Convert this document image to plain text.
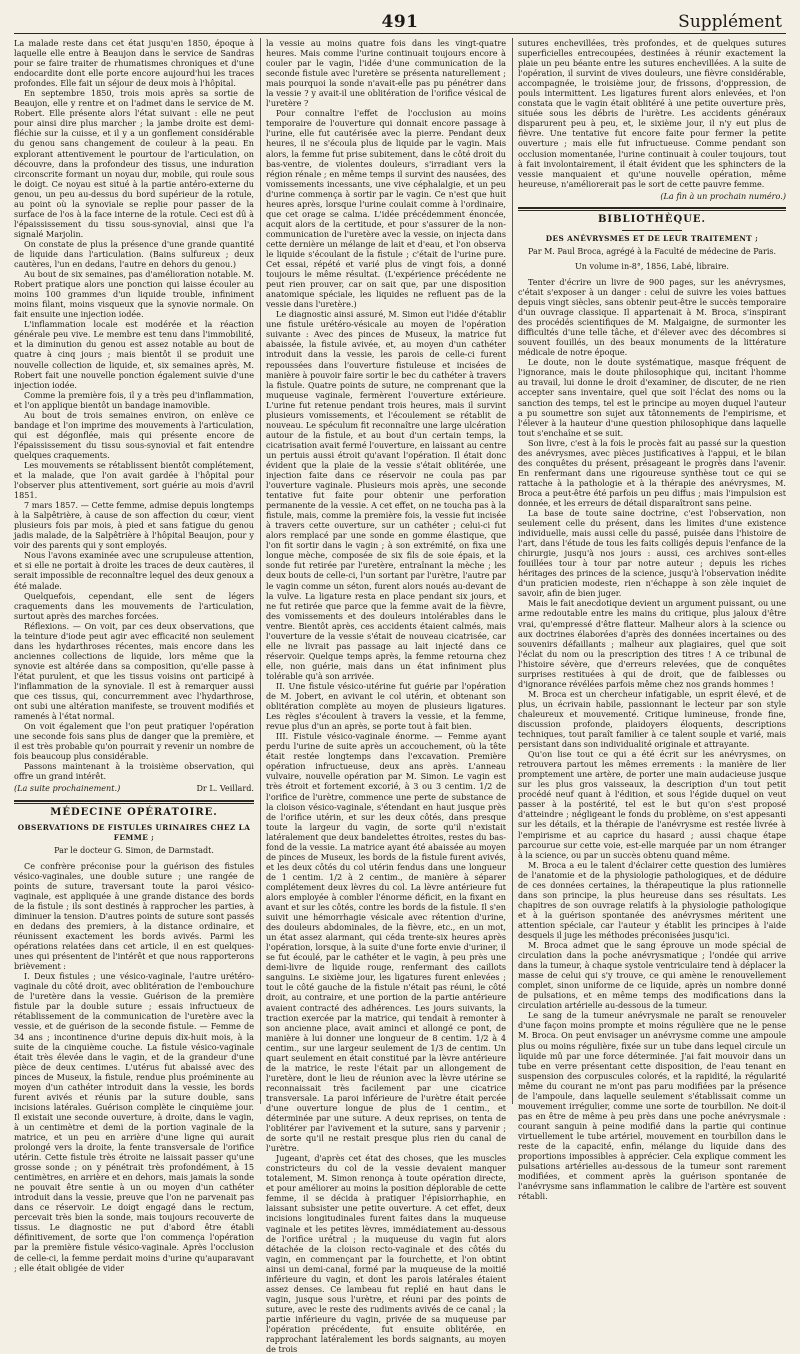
491	Supplément

La malade reste dans cet état jusqu'en 1850, époque à laquelle elle entre à Beaujon dans le service de Sandras pour se faire traiter de rhumatismes chroniques et d'une endocardite dont elle porte encore aujourd'hui les traces profondes. Elle fait un séjour de deux mois à l'hôpital.

En septembre 1850, trois mois après sa sortie de Beaujon, elle y rentre et on l'admet dans le service de M. Robert. Elle présente alors l'état suivant : elle ne peut pour ainsi dire plus marcher ; la jambe droite est demi-fléchie sur la cuisse, et il y a un gonflement considérable du genou sans changement de couleur à la peau. En explorant attentivement le pourtour de l'articulation, on découvre, dans la profondeur des tissus, une induration circonscrite formant un noyau dur, mobile, qui roule sous le doigt. Ce noyau est situé à la partie antéro-externe du genou, un peu au-dessus du bord supérieur de la rotule, au point où la synoviale se replie pour passer de la surface de l'os à la face interne de la rotule. Ceci est dû à l'épaississement du tissu sous-synovial, ainsi que l'a signalé Marjolin.

On constate de plus la présence d'une grande quantité de liquide dans l'articulation. (Bains sulfureux ; deux cautères, l'un en dedans, l'autre en dehors du genou.)

Au bout de six semaines, pas d'amélioration notable. M. Robert pratique alors une ponction qui laisse écouler au moins 100 grammes d'un liquide trouble, infiniment moins filant, moins visqueux que la synovie normale. On fait ensuite une injection iodée.

L'inflammation locale est modérée et la réaction générale peu vive. Le membre est tenu dans l'immobilité, et la diminution du genou est assez notable au bout de quatre à cinq jours ; mais bientôt il se produit une nouvelle collection de liquide, et, six semaines après, M. Robert fait une nouvelle ponction également suivie d'une injection iodée.

Comme la première fois, il y a très peu d'inflammation, et l'on applique bientôt un bandage inamovible.

Au bout de trois semaines environ, on enlève ce bandage et l'on imprime des mouvements à l'articulation, qui est dégonflée, mais qui présente encore de l'épaississement du tissu sous-synovial et fait entendre quelques craquements.

Les mouvements se rétablissent bientôt complétement, et la malade, que l'on avait gardée à l'hôpital pour l'observer plus attentivement, sort guérie au mois d'avril 1851.

7 mars 1857. — Cette femme, admise depuis longtemps à la Salpêtrière, à cause de son affection du cœur, vient plusieurs fois par mois, à pied et sans fatigue du genou jadis malade, de la Salpêtrière à l'hôpital Beaujon, pour y voir des parents qui y sont employés.

Nous l'avons examinée avec une scrupuleuse attention, et si elle ne portait à droite les traces de deux cautères, il serait impossible de reconnaître lequel des deux genoux a été malade.

Quelquefois, cependant, elle sent de légers craquements dans les mouvements de l'articulation, surtout après des marches forcées.

Réflexions. — On voit, par ces deux observations, que la teinture d'iode peut agir avec efficacité non seulement dans les hydarthroses récentes, mais encore dans les anciennes collections de liquide, lors même que la synovie est altérée dans sa composition, qu'elle passe à l'état purulent, et que les tissus voisins ont participé à l'inflammation de la synoviale. Il est à remarquer aussi que ces tissus, qui, concurremment avec l'hydarthrose, ont subi une altération manifeste, se trouvent modifiés et ramenés à l'état normal.

On voit également que l'on peut pratiquer l'opération une seconde fois sans plus de danger que la première, et il est très probable qu'on pourrait y revenir un nombre de fois beaucoup plus considérable.

Passons maintenant à la troisième observation, qui offre un grand intérêt.

(La suite prochainement.)	Dr L. Veillard.
MÉDECINE OPÉRATOIRE.
OBSERVATIONS DE FISTULES URINAIRES CHEZ LA FEMME ;
Par le docteur G. Simon, de Darmstadt.

Ce confrère préconise pour la guérison des fistules vésico-vaginales, une double suture ; une rangée de points de suture, traversant toute la paroi vésico-vaginale, est appliquée à une grande distance des bords de la fistule ; ils sont destinés à rapprocher les parties, à diminuer la tension. D'autres points de suture sont passés en dedans des premiers, à la distance ordinaire, et réunissent exactement les bords avivés. Parmi les opérations relatées dans cet article, il en est quelques-unes qui présentent de l'intérêt et que nous rapporterons brièvement :

I. Deux fistules ; une vésico-vaginale, l'autre urétéro-vaginale du côté droit, avec oblitération de l'embouchure de l'uretère dans la vessie. Guérison de la première fistule par la double suture ; essais infructueux de rétablissement de la communication de l'uretère avec la vessie, et de guérison de la seconde fistule. — Femme de 34 ans ; incontinence d'urine depuis dix-huit mois, à la suite de la cinquième couche. La fistule vésico-vaginale était très élevée dans le vagin, et de la grandeur d'une pièce de deux centimes. L'utérus fut abaissé avec des pinces de Museux, la fistule, rendue plus proéminente au moyen d'un cathéter introduit dans la vessie, les bords furent avivés et réunis par la suture double, sans incisions latérales. Guérison complète le cinquième jour. Il existait une seconde ouverture, à droite, dans le vagin, à un centimètre et demi de la portion vaginale de la matrice, et un peu en arrière d'une ligne qui aurait prolongé vers la droite, la fente transversale de l'orifice utérin. Cette fistule très étroite ne laissait passer qu'une grosse sonde ; on y pénétrait très profondément, à 15 centimètres, en arrière et en dehors, mais jamais la sonde ne pouvait être sentie à un ou moyen d'un cathéter introduit dans la vessie, preuve que l'on ne parvenait pas dans ce réservoir. Le doigt engagé dans le rectum, percevait très bien la sonde, mais toujours recouverte de tissus. Le diagnostic ne put d'abord être établi définitivement, de sorte que l'on commença l'opération par la première fistule vésico-vaginale. Après l'occlusion de celle-ci, la femme perdait moins d'urine qu'auparavant ; elle était obligée de vider

la vessie au moins quatre fois dans les vingt-quatre heures. Mais comme l'urine continuait toujours encore à couler par le vagin, l'idée d'une communication de la seconde fistule avec l'uretère se présenta naturellement ; mais pourquoi la sonde n'avait-elle pas pu pénétrer dans la vessie ? y avait-il une oblitération de l'orifice vésical de l'uretère ?

Pour connaître l'effet de l'occlusion au moins temporaire de l'ouverture qui donnait encore passage à l'urine, elle fut cautérisée avec la pierre. Pendant deux heures, il ne s'écoula plus de liquide par le vagin. Mais alors, la femme fut prise subitement, dans le côté droit du bas-ventre, de violentes douleurs, s'irradiant vers la région rénale ; en même temps il survint des nausées, des vomissements incessants, une vive céphalalgie, et un peu d'urine commença à sortir par le vagin. Ce n'est que huit heures après, lorsque l'urine coulait comme à l'ordinaire, que cet orage se calma. L'idée précédemment énoncée, acquit alors de la certitude, et pour s'assurer de la non-communication de l'uretère avec la vessie, on injecta dans cette dernière un mélange de lait et d'eau, et l'on observa le liquide s'écoulant de la fistule ; c'était de l'urine pure. Cet essai, répété et varié plus de vingt fois, a donné toujours le même résultat. (L'expérience précédente ne peut rien prouver, car on sait que, par une disposition anatomique spéciale, les liquides ne refluent pas de la vessie dans l'uretère.)

Le diagnostic ainsi assuré, M. Simon eut l'idée d'établir une fistule urétéro-vésicale au moyen de l'opération suivante : Avec des pinces de Museux, la matrice fut abaissée, la fistule avivée, et, au moyen d'un cathéter introduit dans la vessie, les parois de celle-ci furent repoussées dans l'ouverture fistuleuse et incisées de manière à pouvoir faire sortir le bec du cathéter à travers la fistule. Quatre points de suture, ne comprenant que la muqueuse vaginale, fermèrent l'ouverture extérieure. L'urine fut retenue pendant trois heures, mais il survint plusieurs vomissements, et l'écoulement se rétablit de nouveau. Le spéculum fit reconnaître une large ulcération autour de la fistule, et au bout d'un certain temps, la cicatrisation avait fermé l'ouverture, en laissant au centre un pertuis aussi étroit qu'avant l'opération. Il était donc évident que la plaie de la vessie s'était oblitérée, une injection faite dans ce réservoir ne coula pas par l'ouverture vaginale. Plusieurs mois après, une seconde tentative fut faite pour obtenir une perforation permanente de la vessie. A cet effet, on ne toucha pas à la fistule, mais, comme la première fois, la vessie fut incisée à travers cette ouverture, sur un cathéter ; celui-ci fut alors remplacé par une sonde en gomme élastique, que l'on fit sortir dans le vagin ; à son extrémité, on fixa une longue mèche, composée de six fils de soie épais, et la sonde fut retirée par l'uretère, entraînant la mèche ; les deux bouts de celle-ci, l'un sortant par l'urètre, l'autre par le vagin comme un séton, furent alors noués au-devant de la vulve. La ligature resta en place pendant six jours, et ne fut retirée que parce que la femme avait de la fièvre, des vomissements et des douleurs intolérables dans le ventre. Bientôt après, ces accidents étaient calmés, mais l'ouverture de la vessie s'était de nouveau cicatrisée, car elle ne livrait pas passage au lait injecté dans ce réservoir. Quelque temps après, la femme retourna chez elle, non guérie, mais dans un état infiniment plus tolérable qu'à son arrivée.

II. Une fistule vésico-utérine fut guérie par l'opération de M. Jobert, en avivant le col utérin, et obtenant son oblitération complète au moyen de plusieurs ligatures. Les règles s'écoulent à travers la vessie, et la femme, revue plus d'un an après, se porte tout à fait bien.

III. Fistule vésico-vaginale énorme. — Femme ayant perdu l'urine de suite après un accouchement, où la tête était restée longtemps dans l'excavation. Première opération infructueuse, deux ans après. L'anneau vulvaire, nouvelle opération par M. Simon. Le vagin est très étroit et fortement excorié, à 3 ou 3 centim. 1/2 de l'orifice de l'urètre, commence une perte de substance de la cloison vésico-vaginale, s'étendant en haut jusque près de l'orifice utérin, et sur les deux côtés, dans presque toute la largeur du vagin, de sorte qu'il n'existait latéralement que deux bandelettes étroites, restes du bas-fond de la vessie. La matrice ayant été abaissée au moyen de pinces de Museux, les bords de la fistule furent avivés, et les deux côtés du col utérin fendus dans une longueur de 1 centim. 1/2 à 2 centim., de manière à séparer complétement deux lèvres du col. La lèvre antérieure fut alors employée à combler l'énorme déficit, en la fixant en avant et sur les côtés, contre les bords de la fistule. Il s'en suivit une hémorrhagie vésicale avec rétention d'urine, des douleurs abdominales, de la fièvre, etc., en un mot, un état assez alarmant, qui céda trente-six heures après l'opération, lorsque, à la suite d'une forte envie d'uriner, il se fut écoulé, par le cathéter et le vagin, à peu près une demi-livre de liquide rouge, renfermant des caillots sanguins. Le sixième jour, les ligatures furent enlevées ; tout le côté gauche de la fistule n'était pas réuni, le côté droit, au contraire, et une portion de la partie antérieure avaient contracté des adhérences. Les jours suivants, la traction exercée par la matrice, qui tendait à remonter à son ancienne place, avait aminci et allongé ce pont, de manière à lui donner une longueur de 8 centim. 1/2 à 4 centim., sur une largeur seulement de 1/3 de centim. Un quart seulement en était constitué par la lèvre antérieure de la matrice, le reste l'était par un allongement de l'uretère, dont le lieu de réunion avec la lèvre utérine se reconnaissait très facilement par une cicatrice transversale. La paroi inférieure de l'urètre était percée d'une ouverture longue de plus de 1 centim., et déterminée par une suture. A deux reprises, on tenta de l'oblitérer par l'avivement et la suture, sans y parvenir ; de sorte qu'il ne restait presque plus rien du canal de l'urètre.

Jugeant, d'après cet état des choses, que les muscles constricteurs du col de la vessie devaient manquer totalement, M. Simon renonça à toute opération directe, et pour améliorer au moins la position déplorable de cette femme, il se décida à pratiquer l'épisiorrhaphie, en laissant subsister une petite ouverture. A cet effet, deux incisions longitudinales furent faites dans la muqueuse vaginale et les petites lèvres, immédiatement au-dessous de l'orifice urétral ; la muqueuse du vagin fut alors détachée de la cloison recto-vaginale et des côtés du vagin, en commençant par la fourchette, et l'on obtint ainsi un demi-canal, formé par la muqueuse de la moitié inférieure du vagin, et dont les parois latérales étaient assez denses. Ce lambeau fut replié en haut dans le vagin, jusque sous l'urètre, et réuni par des points de suture, avec le reste des rudiments avivés de ce canal ; la partie inférieure du vagin, privée de sa muqueuse par l'opération précédente, fut ensuite oblitérée, en rapprochant latéralement les bords saignants, au moyen de trois

sutures enchevillées, très profondes, et de quelques sutures superficielles entrecoupées, destinées à réunir exactement la plaie un peu béante entre les sutures enchevillées. A la suite de l'opération, il survint de vives douleurs, une fièvre considérable, accompagnée, le troisième jour, de frissons, d'oppression, de pouls intermittent. Les ligatures furent alors enlevées, et l'on constata que le vagin était oblitéré à une petite ouverture près, située sous les débris de l'urètre. Les accidents généraux disparurent peu à peu, et, le sixième jour, il n'y eut plus de fièvre. Une tentative fut encore faite pour fermer la petite ouverture ; mais elle fut infructueuse. Comme pendant son occlusion momentanée, l'urine continuait à couler toujours, tout à fait involontairement, il était évident que les sphincters de la vessie manquaient et qu'une nouvelle opération, même heureuse, n'améliorerait pas le sort de cette pauvre femme.

(La fin à un prochain numéro.)
BIBLIOTHÈQUE.
DES ANÉVRYSMES ET DE LEUR TRAITEMENT ;
Par M. Paul Broca, agrégé à la Faculté de médecine de Paris.
Un volume in-8°, 1856, Labé, libraire.

Tenter d'écrire un livre de 900 pages, sur les anévrysmes, c'était s'exposer à un danger : celui de suivre les voies battues depuis vingt siècles, sans obtenir peut-être le succès temporaire d'un ouvrage classique. Il appartenait à M. Broca, s'inspirant des procédés scientifiques de M. Malgaigne, de surmonter les difficultés d'une telle tâche, et d'élever avec des décombres si souvent fouillés, un des beaux monuments de la littérature médicale de notre époque.

Le doute, non le doute systématique, masque fréquent de l'ignorance, mais le doute philosophique qui, incitant l'homme au travail, lui donne le droit d'examiner, de discuter, de ne rien accepter sans inventaire, quel que soit l'éclat des noms ou la sanction des temps, tel est le principe au moyen duquel l'auteur a pu soumettre son sujet aux tâtonnements de l'empirisme, et l'élever à la hauteur d'une question philosophique dans laquelle tout s'enchaîne et se suit.

Son livre, c'est à la fois le procès fait au passé sur la question des anévrysmes, avec pièces justificatives à l'appui, et le bilan des conquêtes du présent, présageant le progrès dans l'avenir. En renfermant dans une rigoureuse synthèse tout ce qui se rattache à la pathologie et à la thérapie des anévrysmes, M. Broca a peut-être été parfois un peu diffus ; mais l'impulsion est donnée, et les erreurs de détail disparaîtront sans peine.

La base de toute saine doctrine, c'est l'observation, non seulement celle du présent, dans les limites d'une existence individuelle, mais aussi celle du passé, puisée dans l'histoire de l'art, dans l'étude de tous les faits colligés depuis l'enfance de la chirurgie, jusqu'à nos jours : aussi, ces archives sont-elles fouillées tour à tour par notre auteur ; depuis les riches héritages des princes de la science, jusqu'à l'observation inédite d'un praticien modeste, rien n'échappe à son zèle inquiet de savoir, afin de bien juger.

Mais le fait anecdotique devient un argument puissant, ou une arme redoutable entre les mains du critique, plus jaloux d'être vrai, qu'empressé d'être flatteur. Malheur alors à la science ou aux doctrines élaborées d'après des données incertaines ou des souvenirs défaillants ; malheur aux plagiaires, quel que soit l'éclat du nom ou la prescription des titres ! A ce tribunal de l'histoire sévère, que d'erreurs relevées, que de conquêtes surprises restituées à qui de droit, que de faiblesses ou d'ignorance révélées parfois même chez nos grands hommes !

M. Broca est un chercheur infatigable, un esprit élevé, et de plus, un écrivain habile, passionnant le lecteur par son style chaleureux et mouvementé. Critique lumineuse, fronde fine, discussion profonde, plaidoyers éloquents, descriptions techniques, tout paraît familier à ce talent souple et varié, mais persistant dans son individualité originale et attrayante.

Qu'on lise tout ce qui a été écrit sur les anévrysmes, on retrouvera partout les mêmes errements : la manière de lier promptement une artère, de porter une main audacieuse jusque sur les plus gros vaisseaux, la description d'un tout petit procédé neuf quant à l'édition, et sous l'égide duquel on veut passer à la postérité, tel est le but qu'on s'est proposé d'atteindre ; négligeant le fonds du problème, on s'est appesanti sur les détails, et la thérapie de l'anévrysme est restée livrée à l'empirisme et au caprice du hasard ; aussi chaque étape parcourue sur cette voie, est-elle marquée par un nom étranger à la science, ou par un succès obtenu quand même.

M. Broca a eu le talent d'éclairer cette question des lumières de l'anatomie et de la physiologie pathologiques, et de déduire de ces données certaines, la thérapeutique la plus rationnelle dans son principe, la plus heureuse dans ses résultats. Les chapitres de son ouvrage relatifs à la physiologie pathologique et à la guérison spontanée des anévrysmes méritent une attention spéciale, car l'auteur y établit les principes à l'aide desquels il juge les méthodes préconisées jusqu'ici.

M. Broca admet que le sang éprouve un mode spécial de circulation dans la poche anévrysmatique ; l'ondée qui arrive dans la tumeur, à chaque systole ventriculaire tend à déplacer la masse de celui qui s'y trouve, ce qui amène le renouvellement complet, sinon uniforme de ce liquide, après un nombre donné de pulsations, et en même temps des modifications dans la circulation artérielle au-dessous de la tumeur.

Le sang de la tumeur anévrysmale ne paraît se renouveler d'une façon moins prompte et moins régulière que ne le pense M. Broca. On peut envisager un anévrysme comme une ampoule plus ou moins régulière, fixée sur un tube dans lequel circule un liquide mû par une force déterminée. J'ai fait mouvoir dans un tube en verre présentant cette disposition, de l'eau tenant en suspension des corpuscules colorés, et la rapidité, la régularité même du courant ne m'ont pas paru modifiées par la présence de l'ampoule, dans laquelle seulement s'établissait comme un mouvement irrégulier, comme une sorte de tourbillon. Ne doit-il pas en être de même à peu près dans une poche anévrysmale : courant sanguin à peine modifié dans la partie qui continue virtuellement le tube artériel, mouvement en tourbillon dans le reste de la capacité, enfin, mélange du liquide dans des proportions impossibles à apprécier. Cela explique comment les pulsations artérielles au-dessous de la tumeur sont rarement modifiées, et comment après la guérison spontanée de l'anévrysme sans inflammation le calibre de l'artère est souvent rétabli.
